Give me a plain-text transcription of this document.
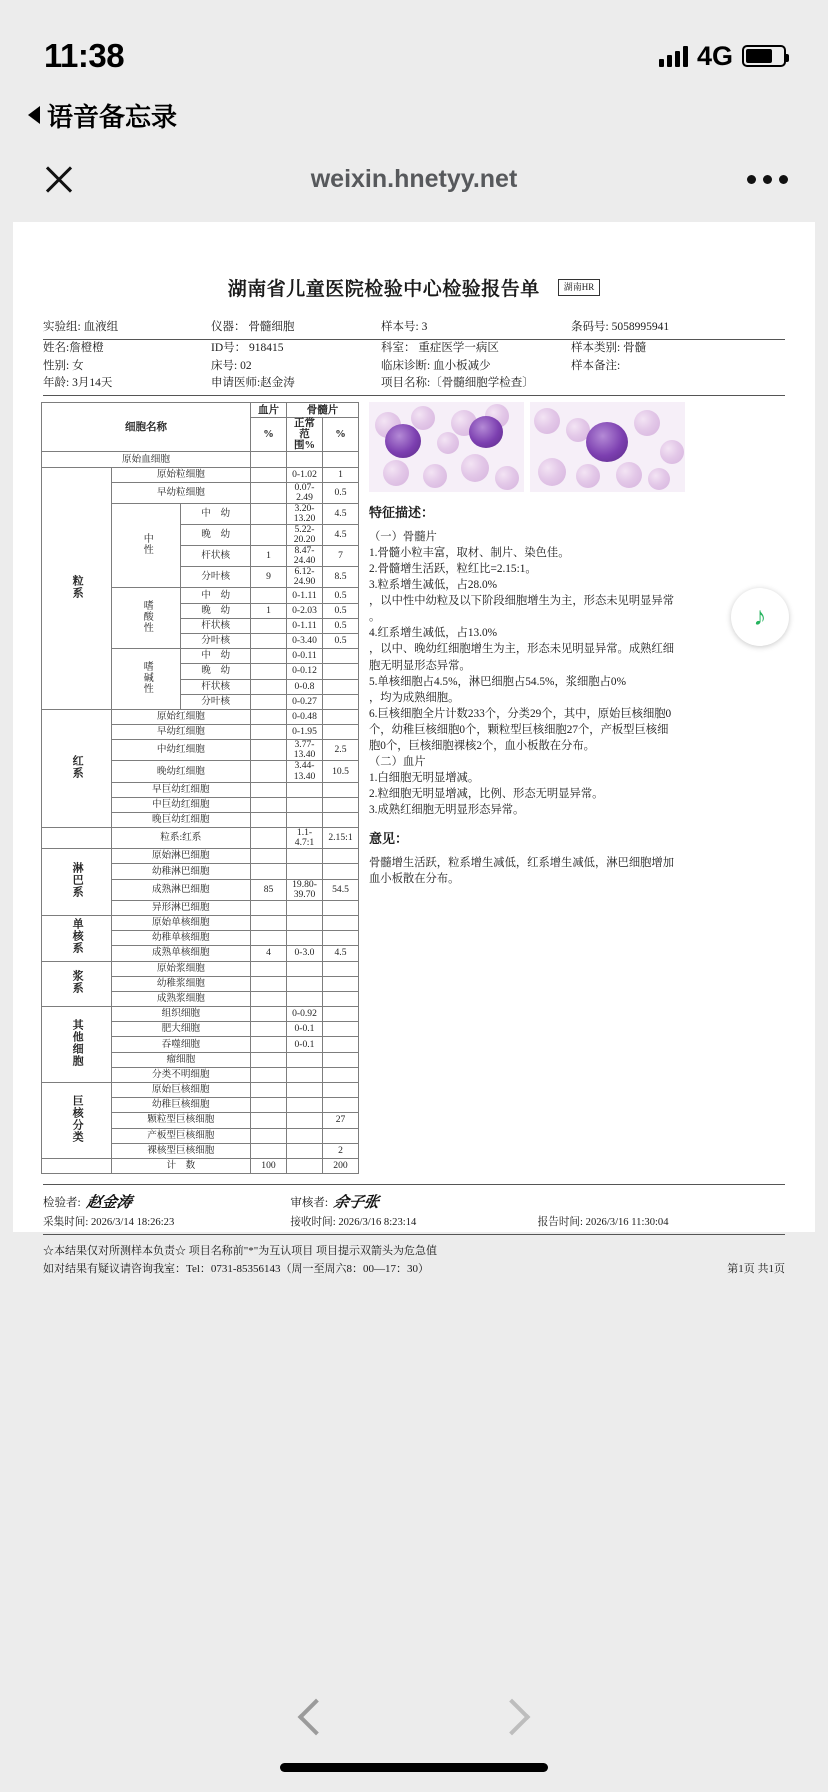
11:38	4G
语音备忘录
weixin.hnetyy.net
湖南省儿童医院检验中心检验报告单	湖南HR
实验组: 血液组	仪器： 骨髓细胞	样本号: 3	条码号: 5058995941
姓名:詹橙橙	ID号： 918415	科室： 重症医学一病区	样本类别: 骨髓
性别: 女	床号: 02	临床诊断: 血小板减少	样本备注:
年龄: 3月14天	申请医师:赵金涛	项目名称:〔骨髓细胞学检查〕
细胞名称			血片	骨髓片	
			%	正常范围%	%
原始血细胞					
粒系	原始粒细胞			0-1.02	1
	早幼粒细胞			0.07-2.49	0.5
	中性	中　幼		3.20-13.20	4.5
		晚　幼		5.22-20.20	4.5
		杆状核	1	8.47-24.40	7
		分叶核	9	6.12-24.90	8.5
	嗜酸性	中　幼		0-1.11	0.5
		晚　幼	1	0-2.03	0.5
		杆状核		0-1.11	0.5
		分叶核		0-3.40	0.5
	嗜碱性	中　幼		0-0.11	
		晚　幼		0-0.12	
		杆状核		0-0.8	
		分叶核		0-0.27	
红系	原始红细胞			0-0.48	
	早幼红细胞			0-1.95	
	中幼红细胞			3.77-13.40	2.5
	晚幼红细胞			3.44-13.40	10.5
	早巨幼红细胞				
	中巨幼红细胞				
	晚巨幼红细胞				
	粒系:红系			1.1-4.7:1	2.15:1
淋巴系	原始淋巴细胞				
	幼稚淋巴细胞				
	成熟淋巴细胞		85	19.80-39.70	54.5
	异形淋巴细胞				
单核系	原始单核细胞				
	幼稚单核细胞				
	成熟单核细胞		4	0-3.0	4.5
浆系	原始浆细胞				
	幼稚浆细胞				
	成熟浆细胞				
其他细胞	组织细胞			0-0.92	
	肥大细胞			0-0.1	
	吞噬细胞			0-0.1	
	瘤细胞				
	分类不明细胞				
巨核分类	原始巨核细胞				
	幼稚巨核细胞				
	颗粒型巨核细胞				27
	产板型巨核细胞				
	裸核型巨核细胞				2
	计　数		100		200
特征描述：
（一）骨髓片
1.骨髓小粒丰富，取材、制片、染色佳。
2.骨髓增生活跃，粒红比=2.15:1。
3.粒系增生减低，占28.0%
，以中性中幼粒及以下阶段细胞增生为主，形态未见明显异常
。
4.红系增生减低，占13.0%
，以中、晚幼红细胞增生为主，形态未见明显异常。成熟红细
胞无明显形态异常。
5.单核细胞占4.5%，淋巴细胞占54.5%，浆细胞占0%
，均为成熟细胞。
6.巨核细胞全片计数233个，分类29个，其中，原始巨核细胞0
个，幼稚巨核细胞0个，颗粒型巨核细胞27个，产板型巨核细
胞0个，巨核细胞裸核2个，血小板散在分布。
（二）血片
1.白细胞无明显增减。
2.粒细胞无明显增减，比例、形态无明显异常。
3.成熟红细胞无明显形态异常。
意见：
骨髓增生活跃，粒系增生减低，红系增生减低，淋巴细胞增加
血小板散在分布。
♪
检验者: 赵金涛	审核者: 余子张
采集时间: 2026/3/14 18:26:23	接收时间: 2026/3/16 8:23:14	报告时间: 2026/3/16 11:30:04
☆本结果仅对所测样本负责☆ 项目名称前"*"为互认项目 项目提示双箭头为危急值
如对结果有疑议请咨询我室：Tel：0731-85356143（周一至周六8：00—17：30）	第1页 共1页
